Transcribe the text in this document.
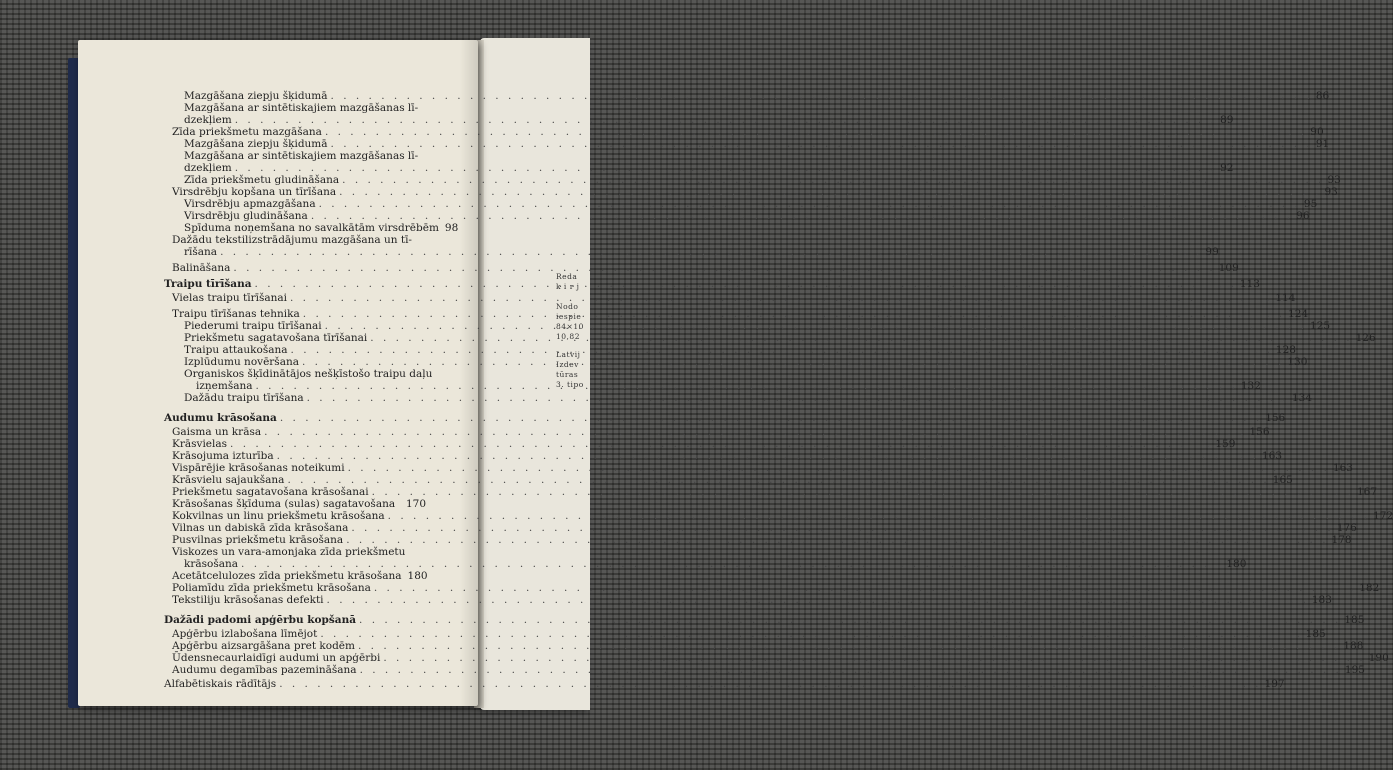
Reda
k i r j
Nodo
iespie
84×10
10,82
Latvij
Izdev
tūras
3. tipo
Mazgāšana ziepju šķidumā . . .	86
Mazgāšana ar sintētiskajiem mazgāšanas lī-
dzekļiem . . .	89
Zīda priekšmetu mazgāšana . . .	90
Mazgāšana ziepju šķidumā . . .	91
Mazgāšana ar sintētiskajiem mazgāšanas lī-
dzekļiem . . .	92
Zīda priekšmetu gludināšana . . .	93
Virsdrēbju kopšana un tīrīšana . . .	93
Virsdrēbju apmazgāšana . . .	95
Virsdrēbju gludināšana . . .	96
Spīduma noņemšana no savalkātām virsdrēbēm 98
Dažādu tekstilizstrādājumu mazgāšana un tī-
rīšana . . .	99
Balināšana . . .	109
Traipu tīrīšana . . .	113
Vielas traipu tīrīšanai . . .	114
Traipu tīrīšanas tehnika . . .	124
Piederumi traipu tīrīšanai . . .	125
Priekšmetu sagatavošana tīrīšanai . . .	126
Traipu attaukošana . . .	128
Izplūdumu novēršana . . .	130
Organiskos šķīdinātājos nešķīstošo traipu daļu
izņemšana . . .	132
Dažādu traipu tīrīšana . . .	134
Audumu krāsošana . . .	156
Gaisma un krāsa . . .	156
Krāsvielas . . .	159
Krāsojuma izturība . . .	163
Vispārējie krāsošanas noteikumi . . .	163
Krāsvielu sajaukšana . . .	165
Priekšmetu sagatavošana krāsošanai . . .	167
Krāsošanas šķīduma (sulas) sagatavošana . . .	170
Kokvilnas un linu priekšmetu krāsošana . . .	172
Vilnas un dabiskā zīda krāsošana . . .	176
Pusvilnas priekšmetu krāsošana . . .	178
Viskozes un vara-amonjaka zīda priekšmetu
krāsošana . . .	180
Acetātcelulozes zīda priekšmetu krāsošana 180
Poliamīdu zīda priekšmetu krāsošana . . .	182
Tekstiliju krāsošanas defekti . . .	183
Dažādi padomi apģērbu kopšanā . . .	185
Apģērbu izlabošana līmējot . . .	185
Apģērbu aizsargāšana pret kodēm . . .	188
Ūdensnecaurlaidīgi audumi un apģērbi . . .	190
Audumu degamības pazemināšana . . .	195
Alfabētiskais rādītājs . . .	197
